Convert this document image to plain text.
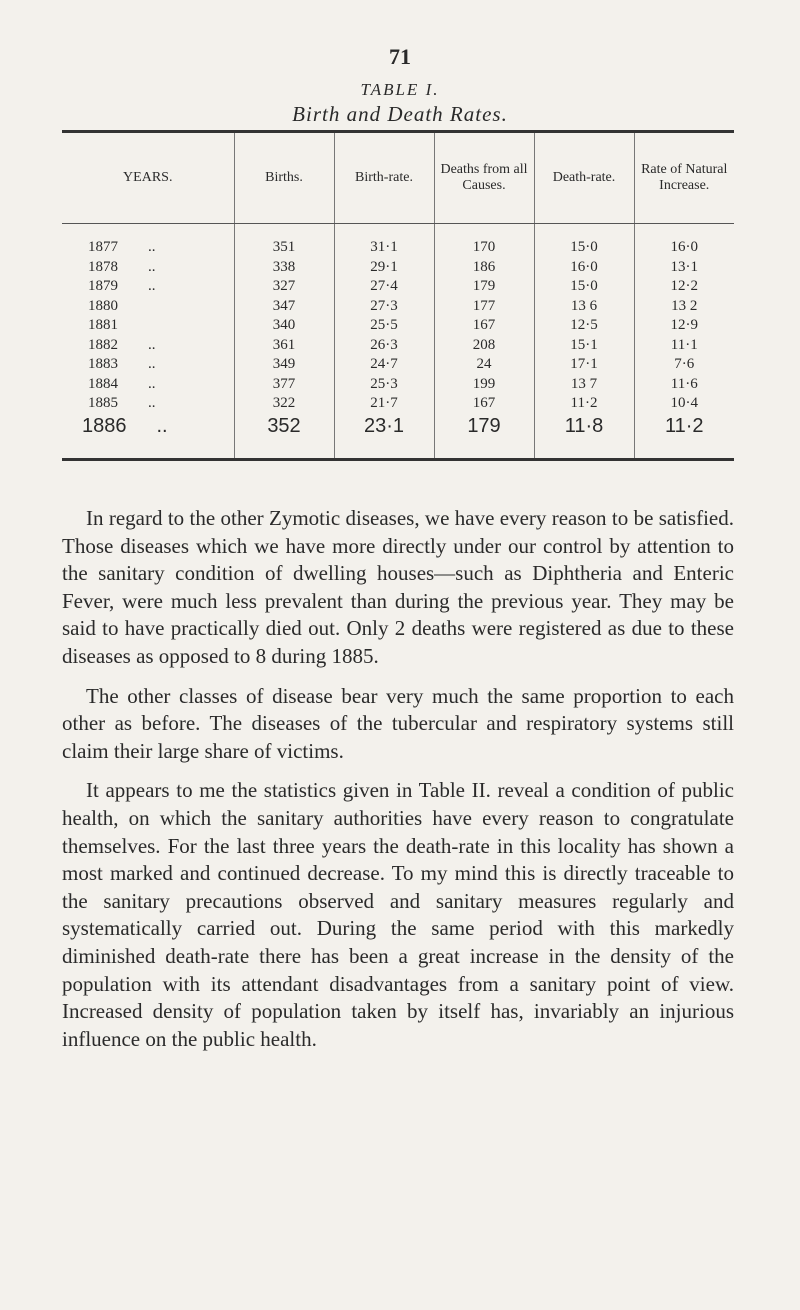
71
TABLE I.
Birth and Death Rates.
YEARS.	Births.	Birth-rate.	Deaths from all Causes.	Death-rate.	Rate of Natural Increase.

1877 ..	351	31·1	170	15·0	16·0
1878 ..	338	29·1	186	16·0	13·1
1879 ..	327	27·4	179	15·0	12·2
1880	347	27·3	177	13 6	13 2
1881	340	25·5	167	12·5	12·9
1882 ..	361	26·3	208	15·1	11·1
1883 ..	349	24·7	24	17·1	7·6
1884 ..	377	25·3	199	13 7	11·6
1885 ..	322	21·7	167	11·2	10·4
1886 ..	352	23·1	179	11·8	11·2

In regard to the other Zymotic diseases, we have every reason to be satisfied. Those diseases which we have more directly under our control by attention to the sanitary condition of dwelling houses—such as Diphtheria and Enteric Fever, were much less prevalent than during the previous year. They may be said to have practically died out. Only 2 deaths were registered as due to these diseases as opposed to 8 during 1885.

The other classes of disease bear very much the same proportion to each other as before. The diseases of the tubercular and respiratory systems still claim their large share of victims.

It appears to me the statistics given in Table II. reveal a condition of public health, on which the sanitary authorities have every reason to congratulate themselves. For the last three years the death-rate in this locality has shown a most marked and continued decrease. To my mind this is directly traceable to the sanitary precautions observed and sanitary measures regularly and systematically carried out. During the same period with this markedly diminished death-rate there has been a great increase in the density of the population with its attendant disadvantages from a sanitary point of view. Increased density of population taken by itself has, invariably an injurious influence on the public health.
